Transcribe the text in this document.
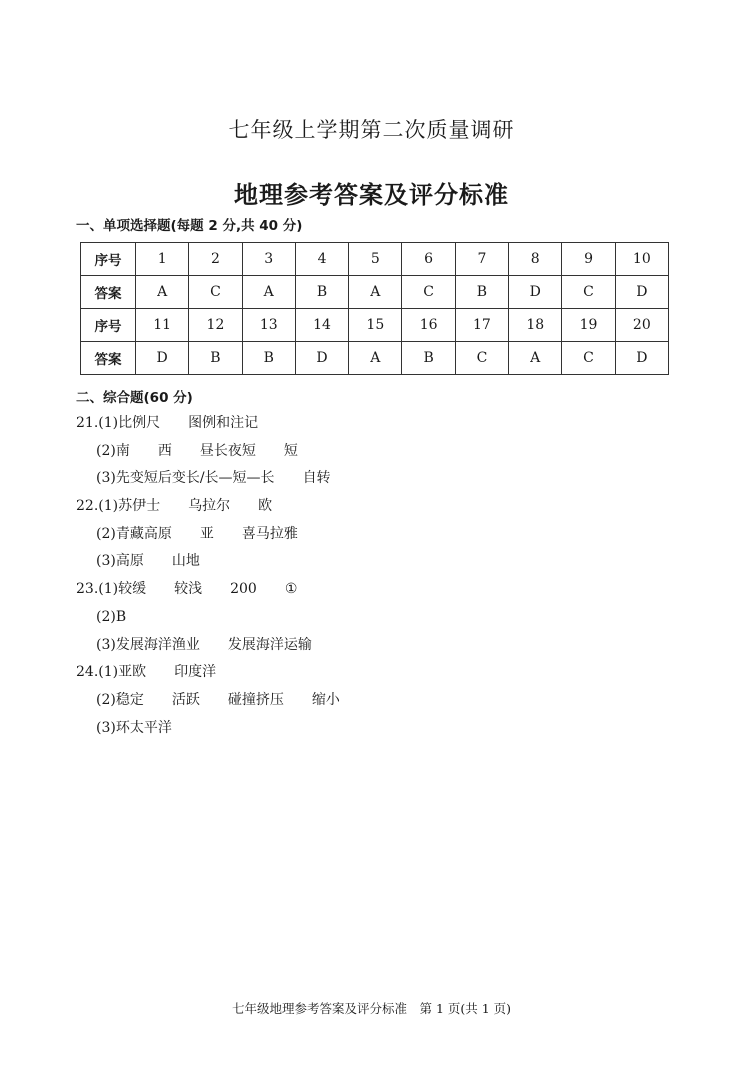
七年级上学期第二次质量调研
地理参考答案及评分标准
一、单项选择题(每题 2 分,共 40 分)
序号	1	2	3	4	5	6	7	8	9	10
答案	A	C	A	B	A	C	B	D	C	D
序号	11	12	13	14	15	16	17	18	19	20
答案	D	B	B	D	A	B	C	A	C	D
二、综合题(60 分)
21.(1)比例尺 图例和注记
(2)南 西 昼长夜短 短
(3)先变短后变长/长—短—长 自转
22.(1)苏伊士 乌拉尔 欧
(2)青藏高原 亚 喜马拉雅
(3)高原 山地
23.(1)较缓 较浅 200 ①
(2)B
(3)发展海洋渔业 发展海洋运输
24.(1)亚欧 印度洋
(2)稳定 活跃 碰撞挤压 缩小
(3)环太平洋
七年级地理参考答案及评分标准　第 1 页(共 1 页)
